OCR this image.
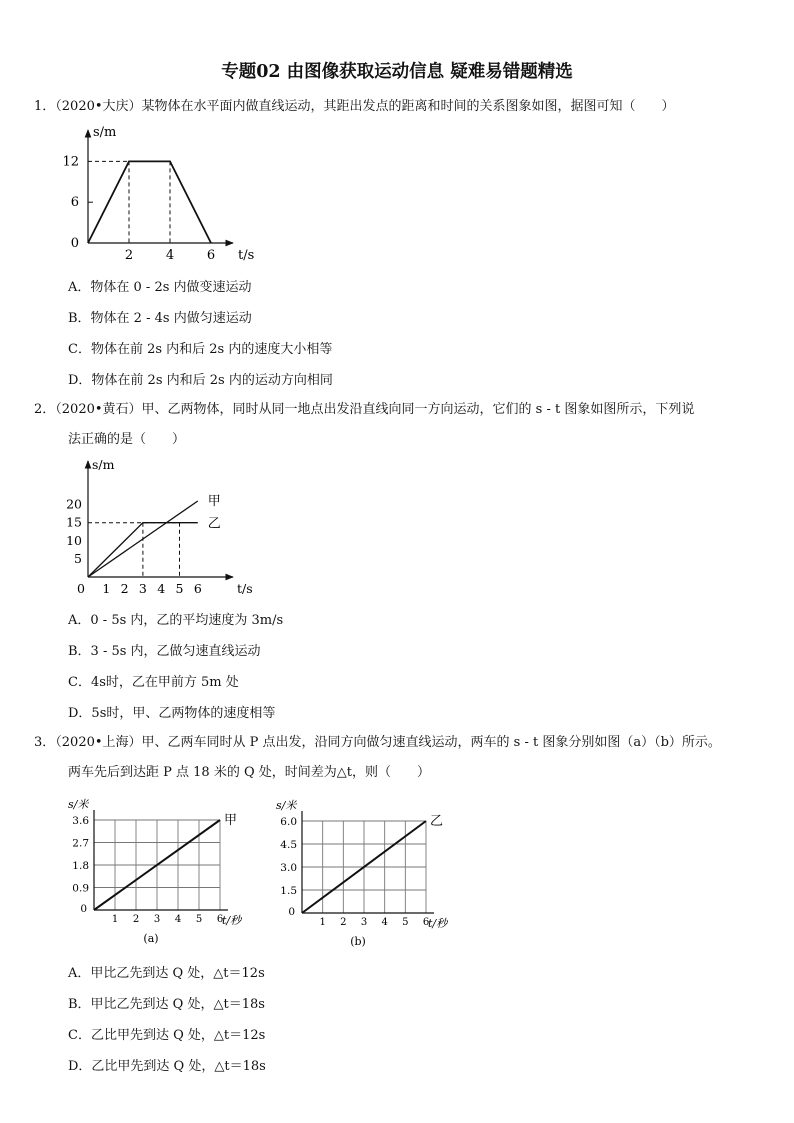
专题02 由图像获取运动信息 疑难易错题精选
1．（2020•大庆）某物体在水平面内做直线运动，其距出发点的距离和时间的关系图象如图，据图可知（　　）
2	4	6
6
12
0
t/s
s/m
A．物体在 0 - 2s 内做变速运动
B．物体在 2 - 4s 内做匀速运动
C．物体在前 2s 内和后 2s 内的速度大小相等
D．物体在前 2s 内和后 2s 内的运动方向相同
2．（2020•黄石）甲、乙两物体，同时从同一地点出发沿直线向同一方向运动，它们的 s - t 图象如图所示，下列说
法正确的是（　　）
甲
乙
1 2 3 4 5 6
5
10
15
20
0	t/s
s/m
A．0 - 5s 内，乙的平均速度为 3m/s
B．3 - 5s 内，乙做匀速直线运动
C．4s时，乙在甲前方 5m 处
D．5s时，甲、乙两物体的速度相等
3．（2020•上海）甲、乙两车同时从 P 点出发，沿同方向做匀速直线运动，两车的 s - t 图象分别如图（a）（b）所示。
两车先后到达距 P 点 18 米的 Q 处，时间差为△t，则（　　）
甲
1 2 3 4 5 6
0.9
1.8
2.7
3.6
0
t/秒
s/米
(a)
乙
1 2 3 4 5 6
1.5
3.0
4.5
6.0
0
t/秒
s/米
(b)
A．甲比乙先到达 Q 处，△t＝12s
B．甲比乙先到达 Q 处，△t＝18s
C．乙比甲先到达 Q 处，△t＝12s
D．乙比甲先到达 Q 处，△t＝18s
